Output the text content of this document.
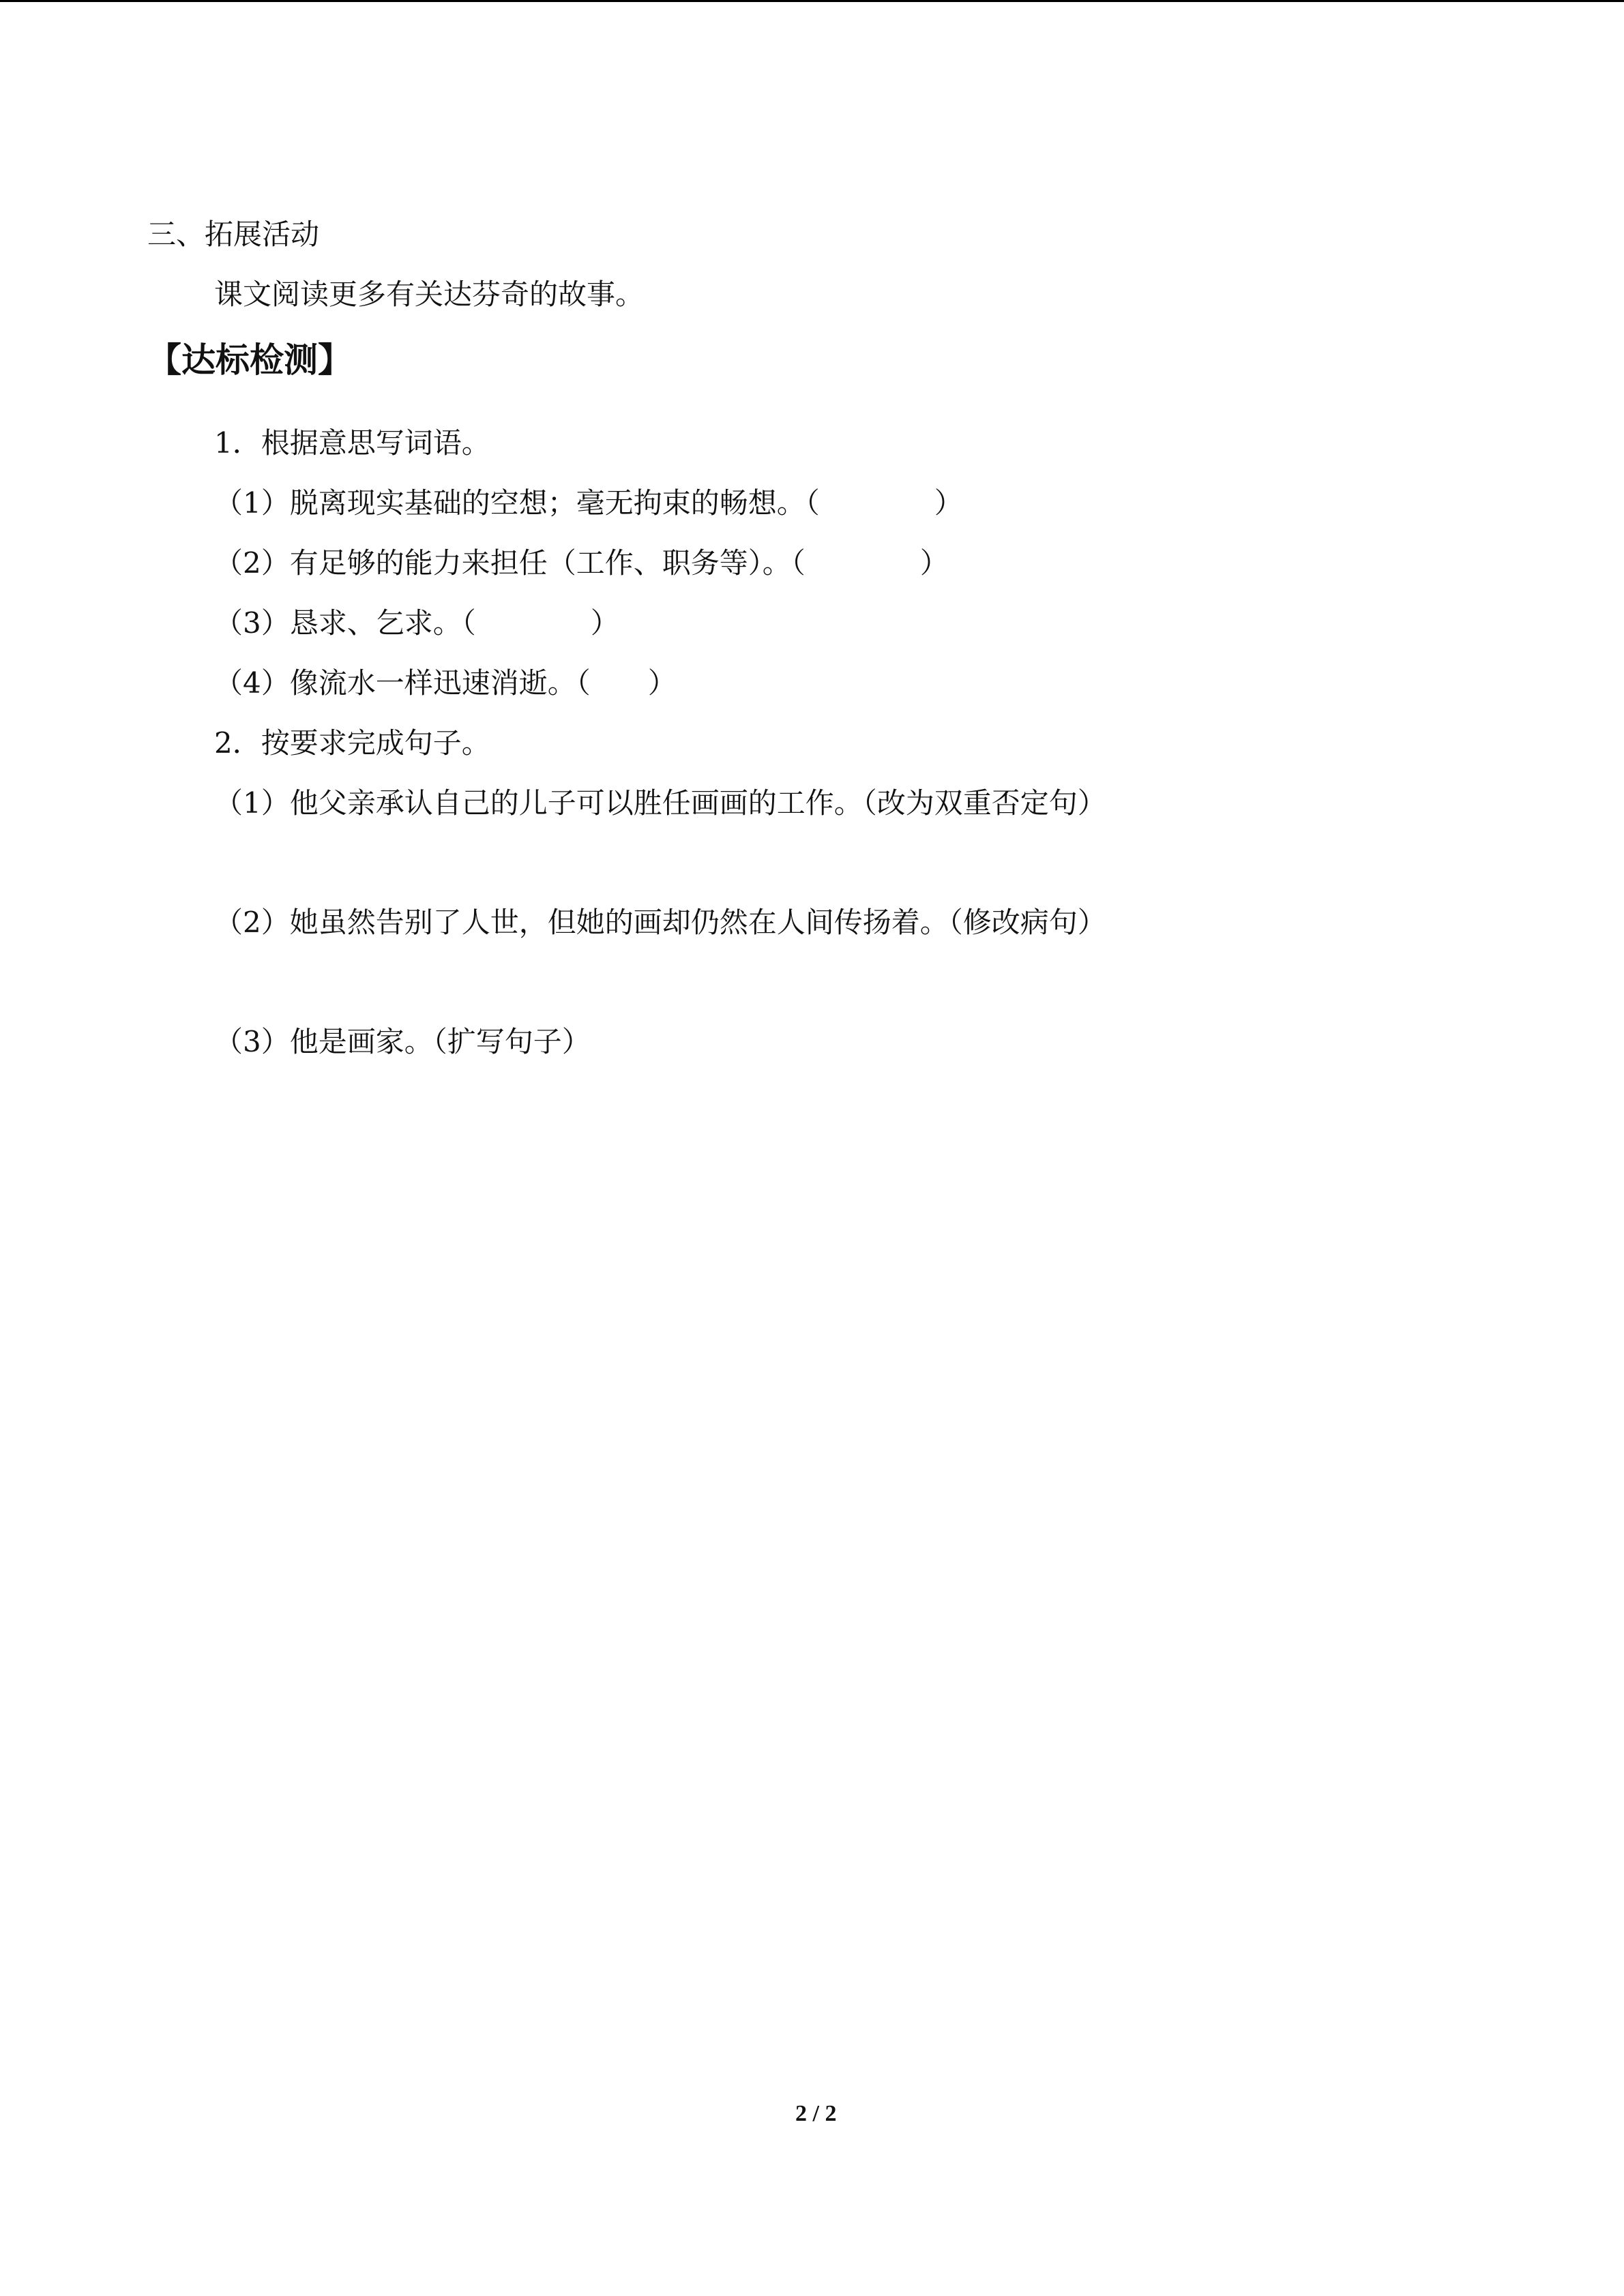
三、拓展活动
课文阅读更多有关达芬奇的故事。
【达标检测】
1．根据意思写词语。
（1）脱离现实基础的空想；毫无拘束的畅想。（　　　　）
（2）有足够的能力来担任（工作、职务等）。（　　　　）
（3）恳求、乞求。（　　　　）
（4）像流水一样迅速消逝。（　　）
2．按要求完成句子。
（1）他父亲承认自己的儿子可以胜任画画的工作。（改为双重否定句）
（2）她虽然告别了人世，但她的画却仍然在人间传扬着。（修改病句）
（3）他是画家。（扩写句子）
2 / 2
